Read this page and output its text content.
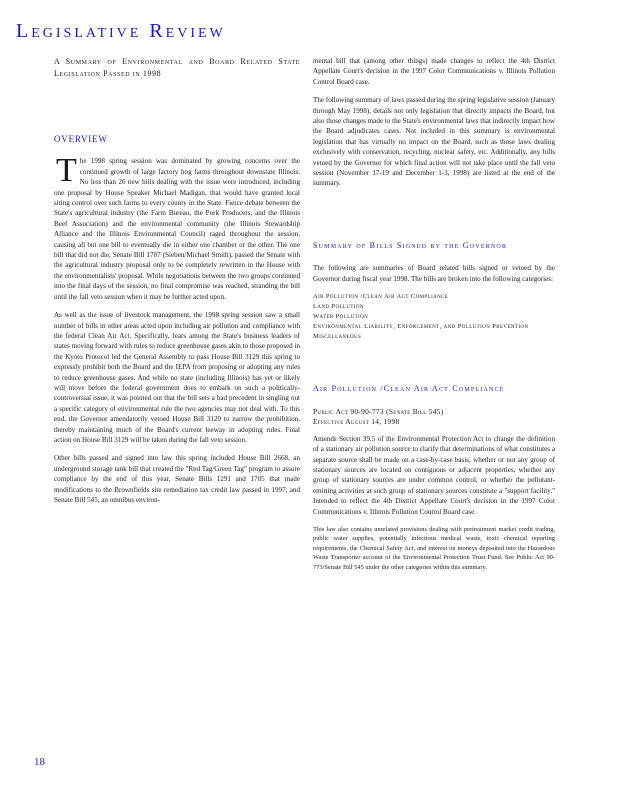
Legislative Review
A Summary of Environmental and Board Related State Legislation Passed in 1998
OVERVIEW

The 1998 spring session was dominated by growing concerns over the continued growth of large factory hog farms throughout downstate Illinois. No less than 26 new bills dealing with the issue were introduced, including one proposal by House Speaker Michael Madigan, that would have granted local siting control over such farms to every county in the State. Fierce debate between the State's agricultural industry (the Farm Bureau, the Pork Producers, and the Illinois Beef Association) and the environmental community (the Illinois Stewardship Alliance and the Illinois Environmental Council) raged throughout the session, causing all but one bill to eventually die in either one chamber or the other. The one bill that did not die, Senate Bill 1707 (Sieben/Michael Smith), passed the Senate with the agricultural industry proposal only to be completely rewritten in the House with the environmentalists' proposal. While negotiations between the two groups continued into the final days of the session, no final compromise was reached, stranding the bill until the fall veto session when it may be further acted upon.

As well as the issue of livestock management, the 1998 spring session saw a small number of bills in other areas acted upon including air pollution and compliance with the federal Clean Air Act. Specifically, fears among the State's business leaders of states moving forward with rules to reduce greenhouse gases akin to those proposed in the Kyoto Protocol led the General Assembly to pass House Bill 3129 this spring to expressly prohibit both the Board and the IEPA from proposing or adopting any rules to reduce greenhouse gases. And while no state (including Illinois) has yet or likely will move before the federal government does to embark on such a politically-controversial issue, it was pointed out that the bill sets a bad precedent in singling out a specific category of environmental rule the two agencies may not deal with. To this end, the Governor amendatorily vetoed House Bill 3129 to narrow the prohibition, thereby maintaining much of the Board's current leeway in adopting rules. Final action on House Bill 3129 will be taken during the fall veto session.

Other bills passed and signed into law this spring included House Bill 2668, an underground storage tank bill that created the "Red Tag/Green Tag" program to assure compliance by the end of this year, Senate Bills 1291 and 1705 that made modifications to the Brownfields site remediation tax credit law passed in 1997, and Senate Bill 545, an omnibus environ-

mental bill that (among other things) made changes to reflect the 4th District Appellate Court's decision in the 1997 Color Communications v. Illinois Pollution Control Board case.

The following summary of laws passed during the spring legislative session (January through May 1998), details not only legislation that directly impacts the Board, but also those changes made to the State's environmental laws that indirectly impact how the Board adjudicates cases. Not included in this summary is environmental legislation that has virtually no impact on the Board, such as those laws dealing exclusively with conservation, recycling, nuclear safety, etc. Additionally, any bills vetoed by the Governor for which final action will not take place until the fall veto session (November 17-19 and December 1-3, 1998) are listed at the end of the summary.

Summary of Bills Signed by the Governor

The following are summaries of Board related bills signed or vetoed by the Governor during fiscal year 1998. The bills are broken into the following categories:

Air Pollution /Clean Air Act Compliance
Land Pollution
Water Pollution
Environmental Liability, Enforcement, and Pollution Prevention
Miscellaneous
Air Pollution /Clean Air Act Compliance
Public Act 90-90-773 (Senate Bill 545)
Effective August 14, 1998

Amends Section 39.5 of the Environmental Protection Act to change the definition of a stationary air pollution source to clarify that determinations of what constitutes a separate source shall be made on a case-by-case basis, whether or not any group of stationary sources are located on contiguous or adjacent properties, whether any group of stationary sources are under common control, or whether the pollutant-emitting activities at such group of stationary sources constitute a "support facility." Intended to reflect the 4th District Appellate Court's decision in the 1997 Color Communications v. Illinois Pollution Control Board case.

This law also contains unrelated provisions dealing with pretreatment market credit trading, public water supplies, potentially infectious medical waste, toxic chemical reporting requirements, the Chemical Safety Act, and interest on moneys deposited into the Hazardous Waste Transporter account of the Environmental Protection Trust Fund. See Public Act 90-773/Senate Bill 545 under the other categories within this summary.

18
